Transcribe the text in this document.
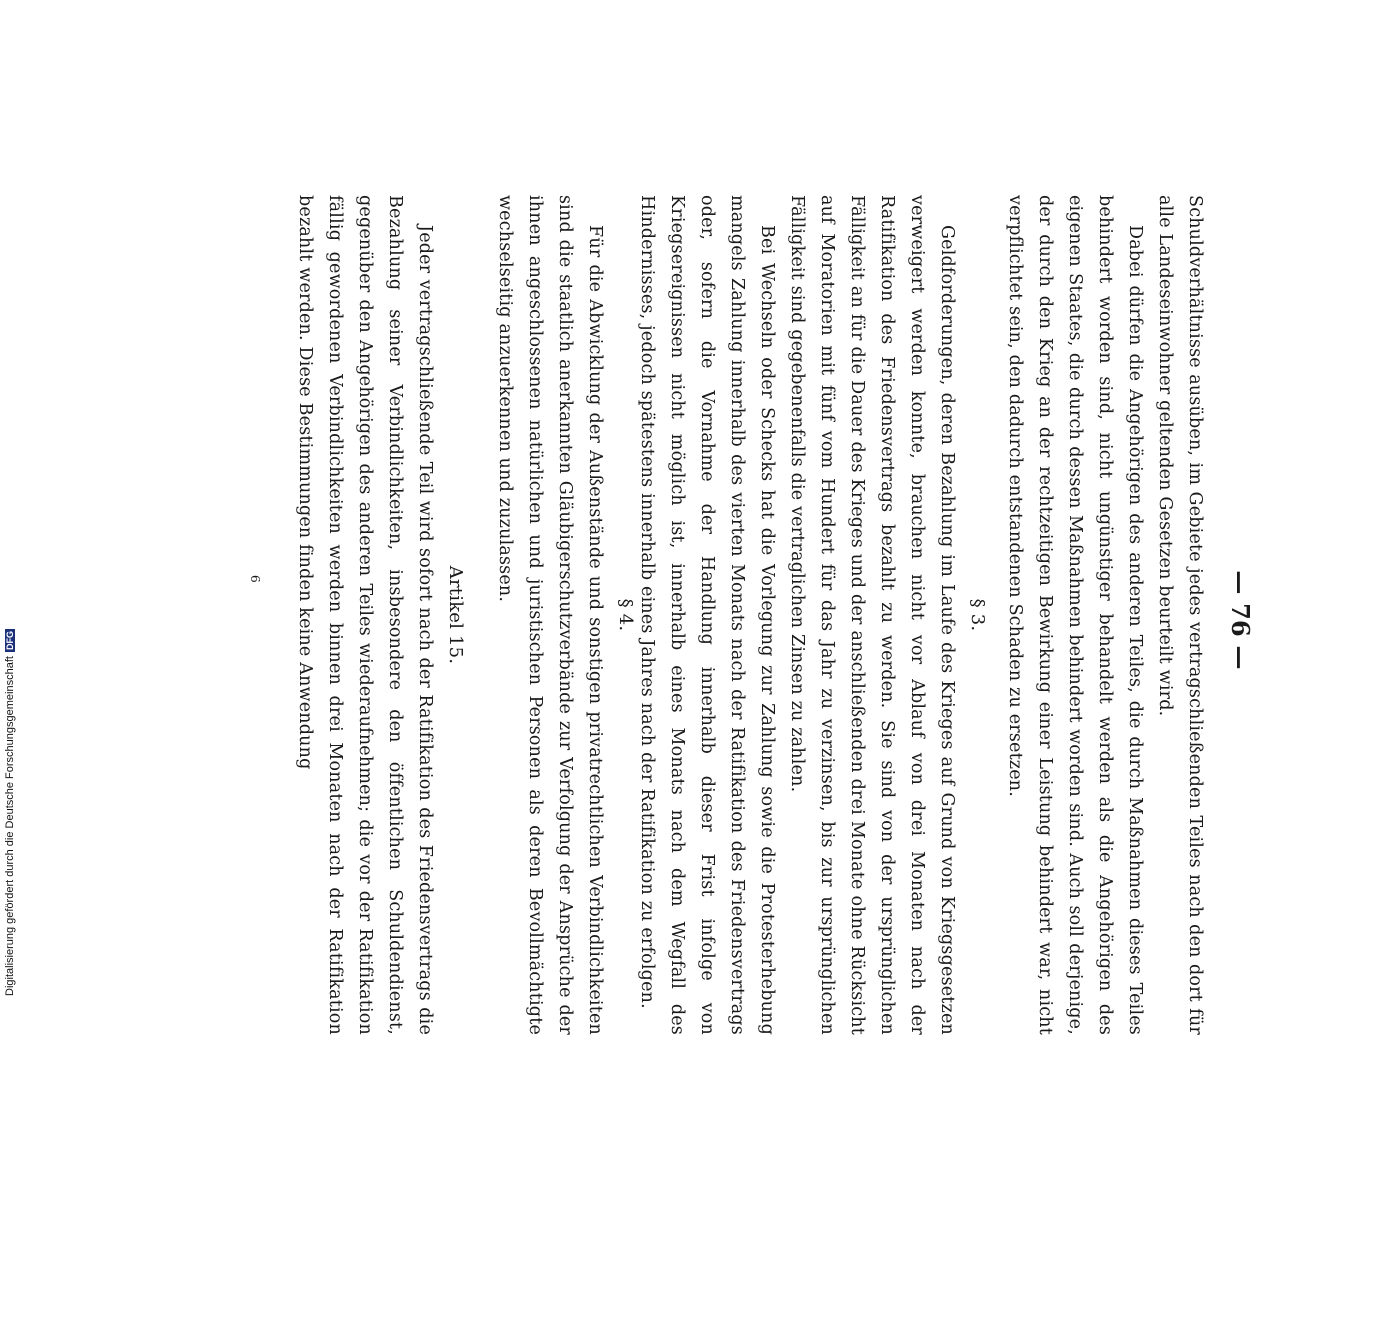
— 76 —

Schuldverhältnisse ausüben, im Gebiete jedes vertragschließenden Teiles nach den dort für alle Landeseinwohner geltenden Gesetzen beurteilt wird.

Dabei dürfen die Angehörigen des anderen Teiles, die durch Maßnahmen dieses Teiles behindert worden sind, nicht ungünstiger behandelt werden als die Angehörigen des eigenen Staates, die durch dessen Maßnahmen behindert worden sind. Auch soll derjenige, der durch den Krieg an der rechtzeitigen Bewirkung einer Leistung behindert war, nicht verpflichtet sein, den dadurch entstandenen Schaden zu ersetzen.

§ 3.

Geldforderungen, deren Bezahlung im Laufe des Krieges auf Grund von Kriegsgesetzen verweigert werden konnte, brauchen nicht vor Ablauf von drei Monaten nach der Ratifikation des Friedensvertrags bezahlt zu werden. Sie sind von der ursprünglichen Fälligkeit an für die Dauer des Krieges und der anschließenden drei Monate ohne Rücksicht auf Moratorien mit fünf vom Hundert für das Jahr zu verzinsen, bis zur ursprünglichen Fälligkeit sind gegebenenfalls die vertraglichen Zinsen zu zahlen.

Bei Wechseln oder Schecks hat die Vorlegung zur Zahlung sowie die Protesterhebung mangels Zahlung innerhalb des vierten Monats nach der Ratifikation des Friedensvertrags oder, sofern die Vornahme der Handlung innerhalb dieser Frist infolge von Kriegsereignissen nicht möglich ist, innerhalb eines Monats nach dem Wegfall des Hindernisses, jedoch spätestens innerhalb eines Jahres nach der Ratifikation zu erfolgen.

§ 4.

Für die Abwicklung der Außenstände und sonstigen privatrechtlichen Verbindlichkeiten sind die staatlich anerkannten Gläubigerschutzverbände zur Verfolgung der Ansprüche der ihnen angeschlossenen natürlichen und juristischen Personen als deren Bevollmächtigte wechselseitig anzuerkennen und zuzulassen.

Artikel 15.

Jeder vertragschließende Teil wird sofort nach der Ratifikation des Friedensvertrags die Bezahlung seiner Verbindlichkeiten, insbesondere den öffentlichen Schuldendienst, gegenüber den Angehörigen des anderen Teiles wiederaufnehmen; die vor der Ratifikation fällig gewordenen Verbindlichkeiten werden binnen drei Monaten nach der Ratifikation bezahlt werden. Diese Bestimmungen finden keine Anwendung

6
Digitalisierung gefördert durch die Deutsche Forschungsgemeinschaft
DFG
